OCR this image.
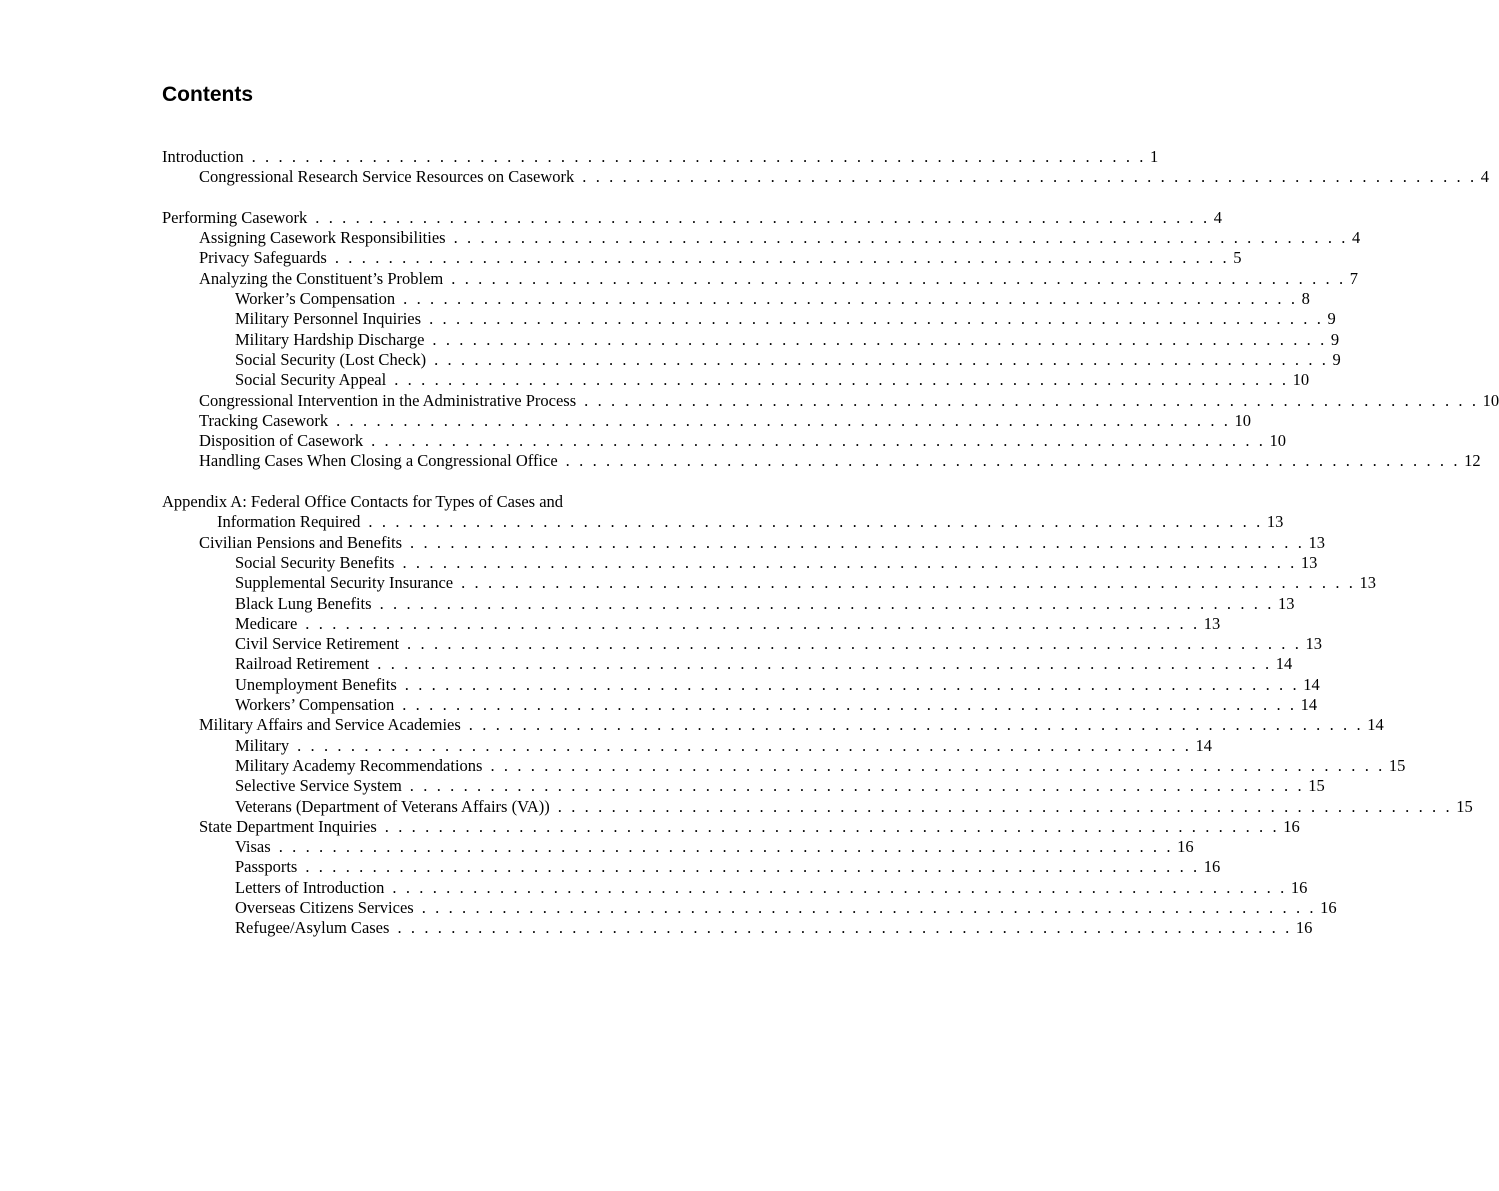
Contents
Introduction . . . . . . . . . . . . . . . . . . . . . . . . . . . . . . . . . . . . . . . . . . . . . . . . . . . . . . . . . . . . . . . . . . . 1
Congressional Research Service Resources on Casework . . . . . . . . . . . . . . . . . . . . . . . . . . . . . . . . . . . . . . . . . . . . . . . . . . . . . . . . . . . . . . . . . . . 4
Performing Casework . . . . . . . . . . . . . . . . . . . . . . . . . . . . . . . . . . . . . . . . . . . . . . . . . . . . . . . . . . . . . . . . . . . 4
Assigning Casework Responsibilities . . . . . . . . . . . . . . . . . . . . . . . . . . . . . . . . . . . . . . . . . . . . . . . . . . . . . . . . . . . . . . . . . . . 4
Privacy Safeguards . . . . . . . . . . . . . . . . . . . . . . . . . . . . . . . . . . . . . . . . . . . . . . . . . . . . . . . . . . . . . . . . . . . 5
Analyzing the Constituent’s Problem . . . . . . . . . . . . . . . . . . . . . . . . . . . . . . . . . . . . . . . . . . . . . . . . . . . . . . . . . . . . . . . . . . . 7
Worker’s Compensation . . . . . . . . . . . . . . . . . . . . . . . . . . . . . . . . . . . . . . . . . . . . . . . . . . . . . . . . . . . . . . . . . . . 8
Military Personnel Inquiries . . . . . . . . . . . . . . . . . . . . . . . . . . . . . . . . . . . . . . . . . . . . . . . . . . . . . . . . . . . . . . . . . . . 9
Military Hardship Discharge . . . . . . . . . . . . . . . . . . . . . . . . . . . . . . . . . . . . . . . . . . . . . . . . . . . . . . . . . . . . . . . . . . . 9
Social Security (Lost Check) . . . . . . . . . . . . . . . . . . . . . . . . . . . . . . . . . . . . . . . . . . . . . . . . . . . . . . . . . . . . . . . . . . . 9
Social Security Appeal . . . . . . . . . . . . . . . . . . . . . . . . . . . . . . . . . . . . . . . . . . . . . . . . . . . . . . . . . . . . . . . . . . . 10
Congressional Intervention in the Administrative Process . . . . . . . . . . . . . . . . . . . . . . . . . . . . . . . . . . . . . . . . . . . . . . . . . . . . . . . . . . . . . . . . . . . 10
Tracking Casework . . . . . . . . . . . . . . . . . . . . . . . . . . . . . . . . . . . . . . . . . . . . . . . . . . . . . . . . . . . . . . . . . . . 10
Disposition of Casework . . . . . . . . . . . . . . . . . . . . . . . . . . . . . . . . . . . . . . . . . . . . . . . . . . . . . . . . . . . . . . . . . . . 10
Handling Cases When Closing a Congressional Office . . . . . . . . . . . . . . . . . . . . . . . . . . . . . . . . . . . . . . . . . . . . . . . . . . . . . . . . . . . . . . . . . . . 12
Appendix A: Federal Office Contacts for Types of Cases and
Information Required . . . . . . . . . . . . . . . . . . . . . . . . . . . . . . . . . . . . . . . . . . . . . . . . . . . . . . . . . . . . . . . . . . . 13
Civilian Pensions and Benefits . . . . . . . . . . . . . . . . . . . . . . . . . . . . . . . . . . . . . . . . . . . . . . . . . . . . . . . . . . . . . . . . . . . 13
Social Security Benefits . . . . . . . . . . . . . . . . . . . . . . . . . . . . . . . . . . . . . . . . . . . . . . . . . . . . . . . . . . . . . . . . . . . 13
Supplemental Security Insurance . . . . . . . . . . . . . . . . . . . . . . . . . . . . . . . . . . . . . . . . . . . . . . . . . . . . . . . . . . . . . . . . . . . 13
Black Lung Benefits . . . . . . . . . . . . . . . . . . . . . . . . . . . . . . . . . . . . . . . . . . . . . . . . . . . . . . . . . . . . . . . . . . . 13
Medicare . . . . . . . . . . . . . . . . . . . . . . . . . . . . . . . . . . . . . . . . . . . . . . . . . . . . . . . . . . . . . . . . . . . 13
Civil Service Retirement . . . . . . . . . . . . . . . . . . . . . . . . . . . . . . . . . . . . . . . . . . . . . . . . . . . . . . . . . . . . . . . . . . . 13
Railroad Retirement . . . . . . . . . . . . . . . . . . . . . . . . . . . . . . . . . . . . . . . . . . . . . . . . . . . . . . . . . . . . . . . . . . . 14
Unemployment Benefits . . . . . . . . . . . . . . . . . . . . . . . . . . . . . . . . . . . . . . . . . . . . . . . . . . . . . . . . . . . . . . . . . . . 14
Workers’ Compensation . . . . . . . . . . . . . . . . . . . . . . . . . . . . . . . . . . . . . . . . . . . . . . . . . . . . . . . . . . . . . . . . . . . 14
Military Affairs and Service Academies . . . . . . . . . . . . . . . . . . . . . . . . . . . . . . . . . . . . . . . . . . . . . . . . . . . . . . . . . . . . . . . . . . . 14
Military . . . . . . . . . . . . . . . . . . . . . . . . . . . . . . . . . . . . . . . . . . . . . . . . . . . . . . . . . . . . . . . . . . . 14
Military Academy Recommendations . . . . . . . . . . . . . . . . . . . . . . . . . . . . . . . . . . . . . . . . . . . . . . . . . . . . . . . . . . . . . . . . . . . 15
Selective Service System . . . . . . . . . . . . . . . . . . . . . . . . . . . . . . . . . . . . . . . . . . . . . . . . . . . . . . . . . . . . . . . . . . . 15
Veterans (Department of Veterans Affairs (VA)) . . . . . . . . . . . . . . . . . . . . . . . . . . . . . . . . . . . . . . . . . . . . . . . . . . . . . . . . . . . . . . . . . . . 15
State Department Inquiries . . . . . . . . . . . . . . . . . . . . . . . . . . . . . . . . . . . . . . . . . . . . . . . . . . . . . . . . . . . . . . . . . . . 16
Visas . . . . . . . . . . . . . . . . . . . . . . . . . . . . . . . . . . . . . . . . . . . . . . . . . . . . . . . . . . . . . . . . . . . 16
Passports . . . . . . . . . . . . . . . . . . . . . . . . . . . . . . . . . . . . . . . . . . . . . . . . . . . . . . . . . . . . . . . . . . . 16
Letters of Introduction . . . . . . . . . . . . . . . . . . . . . . . . . . . . . . . . . . . . . . . . . . . . . . . . . . . . . . . . . . . . . . . . . . . 16
Overseas Citizens Services . . . . . . . . . . . . . . . . . . . . . . . . . . . . . . . . . . . . . . . . . . . . . . . . . . . . . . . . . . . . . . . . . . . 16
Refugee/Asylum Cases . . . . . . . . . . . . . . . . . . . . . . . . . . . . . . . . . . . . . . . . . . . . . . . . . . . . . . . . . . . . . . . . . . . 16
